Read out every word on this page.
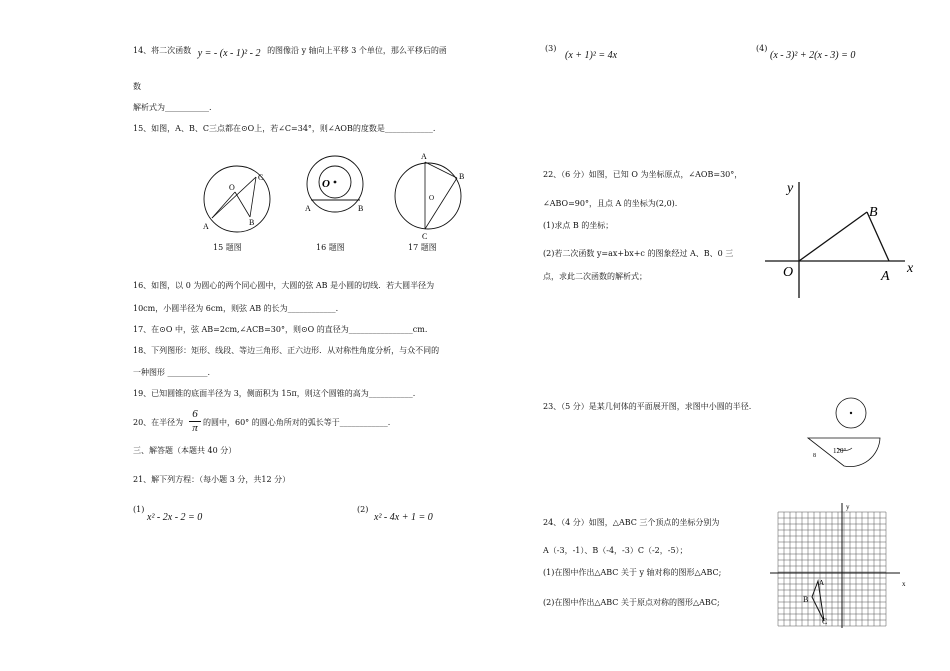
14、将二次函数 y = - (x - 1)² - 2 的图像沿 y 轴向上平移 3 个单位，那么平移后的函
数
解析式为___________.
15、如图，A、B、C三点都在⊙O上，若∠C=34°，则∠AOB的度数是____________.
O
A	B
C
15 题图
O
A	B
16 题图
A
B
C
O
17 题图
16、如图，以 0 为圆心的两个同心圆中，大圆的弦 AB 是小圆的切线．若大圆半径为
10cm，小圆半径为 6cm，则弦 AB 的长为____________.
17、在⊙O 中，弦 AB=2cm,∠ACB=30°，则⊙O 的直径为________________cm.
18、下列图形：矩形、线段、等边三角形、正六边形．从对称性角度分析，与众不同的
一种图形 __________.
19、已知圆锥的底面半径为 3，侧面积为 15π，则这个圆锥的高为___________.
20、在半径为 $\frac{6}{\pi}$ 的圆中，60° 的圆心角所对的弧长等于____________.
三、解答题（本题共 40 分）
21、解下列方程：（每小题 3 分，共12 分）
(1)
x² - 2x - 2 = 0
(2)
x² - 4x + 1 = 0
(3)
(x + 1)² = 4x
(4)
(x - 3)² + 2(x - 3) = 0
22、（6 分）如图，已知 O 为坐标原点，∠AOB=30°，
∠ABO=90°，且点 A 的坐标为(2,0).
(1)求点 B 的坐标；
(2)若二次函数 y=ax+bx+c 的图象经过 A、B、0 三
点，求此二次函数的解析式；
y
x
O	A
B
23、（5 分）是某几何体的平面展开图，求图中小圆的半径.
120°
8
24、（4 分）如图，△ABC 三个顶点的坐标分别为
A（-3，-1）、B（-4，-3）C（-2，-5）；
(1)在图中作出△ABC 关于 y 轴对称的图形△ABC;
(2)在图中作出△ABC 关于原点对称的图形△ABC;
y
x
A
B
C
